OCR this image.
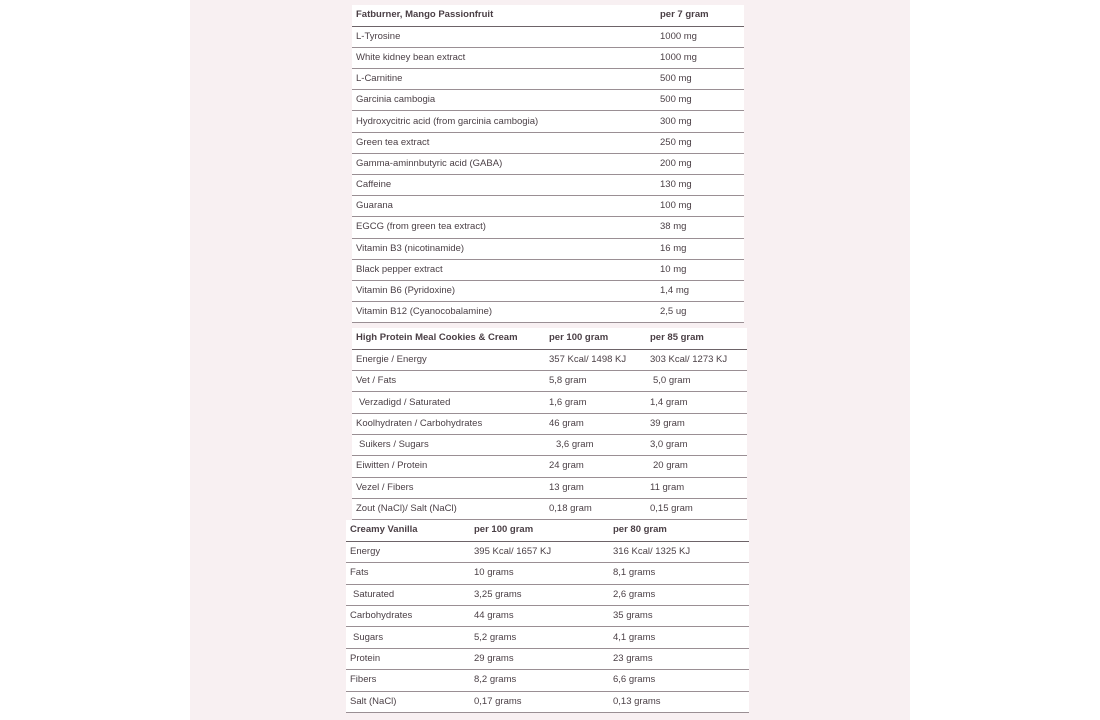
Fatburner, Mango Passionfruit	per 7 gram
L-Tyrosine	1000 mg
White kidney bean extract	1000 mg
L-Carnitine	500 mg
Garcinia cambogia	500 mg
Hydroxycitric acid (from garcinia cambogia)	300 mg
Green tea extract	250 mg
Gamma-aminnbutyric acid (GABA)	200 mg
Caffeine	130 mg
Guarana	100 mg
EGCG (from green tea extract)	38 mg
Vitamin B3 (nicotinamide)	16 mg
Black pepper extract	10 mg
Vitamin B6 (Pyridoxine)	1,4 mg
Vitamin B12 (Cyanocobalamine)	2,5 ug
High Protein Meal Cookies & Cream	per 100 gram	per 85 gram
Energie / Energy	357 Kcal/ 1498 KJ	303 Kcal/ 1273 KJ
Vet / Fats	5,8 gram	5,0 gram
Verzadigd / Saturated	1,6 gram	1,4 gram
Koolhydraten / Carbohydrates	46 gram	39 gram
Suikers / Sugars	3,6 gram	3,0 gram
Eiwitten / Protein	24 gram	20 gram
Vezel / Fibers	13 gram	11 gram
Zout (NaCl)/ Salt (NaCl)	0,18 gram	0,15 gram
Creamy Vanilla	per 100 gram	per 80 gram
Energy	395 Kcal/ 1657 KJ	316 Kcal/ 1325 KJ
Fats	10 grams	8,1 grams
Saturated	3,25 grams	2,6 grams
Carbohydrates	44 grams	35 grams
Sugars	5,2 grams	4,1 grams
Protein	29 grams	23 grams
Fibers	8,2 grams	6,6 grams
Salt (NaCl)	0,17 grams	0,13 grams
